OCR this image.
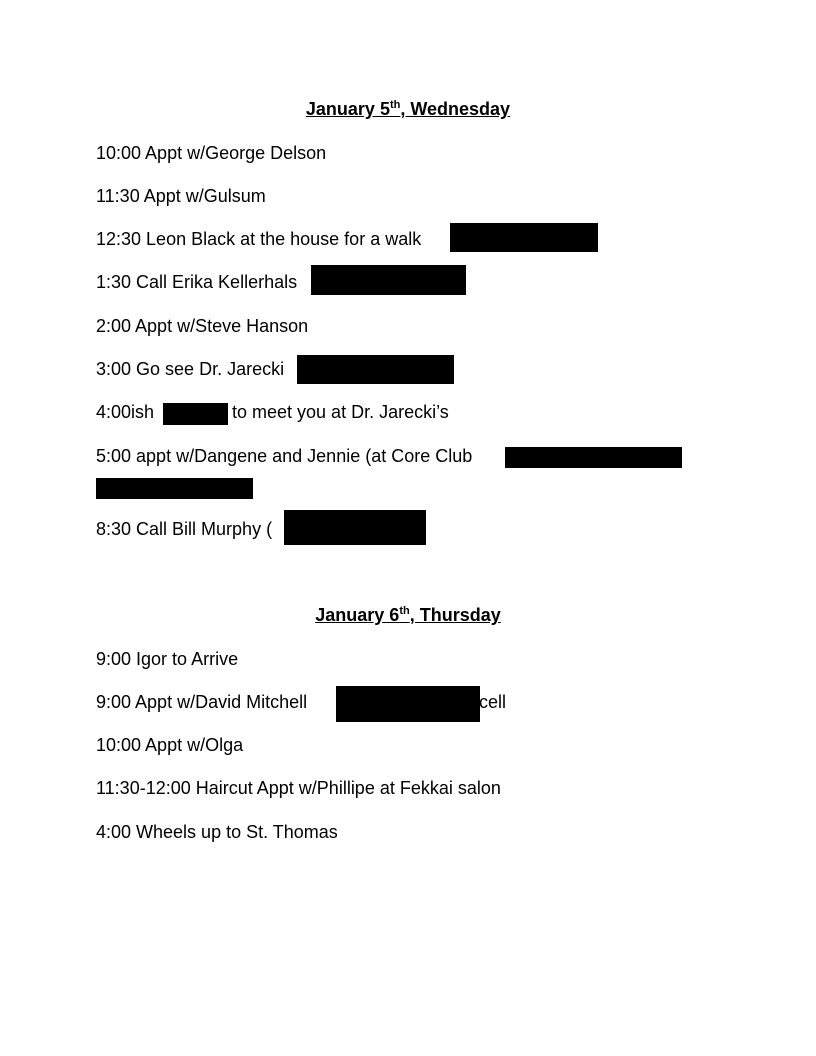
January 5th, Wednesday
10:00 Appt w/George Delson
11:30 Appt w/Gulsum
12:30 Leon Black at the house for a walk
1:30 Call Erika Kellerhals
2:00 Appt w/Steve Hanson
3:00 Go see Dr. Jarecki
4:00ish	to meet you at Dr. Jarecki’s
5:00 appt w/Dangene and Jennie (at Core Club
8:30 Call Bill Murphy (
January 6th, Thursday
9:00 Igor to Arrive
9:00 Appt w/David Mitchell	cell
10:00 Appt w/Olga
11:30-12:00 Haircut Appt w/Phillipe at Fekkai salon
4:00 Wheels up to St. Thomas
